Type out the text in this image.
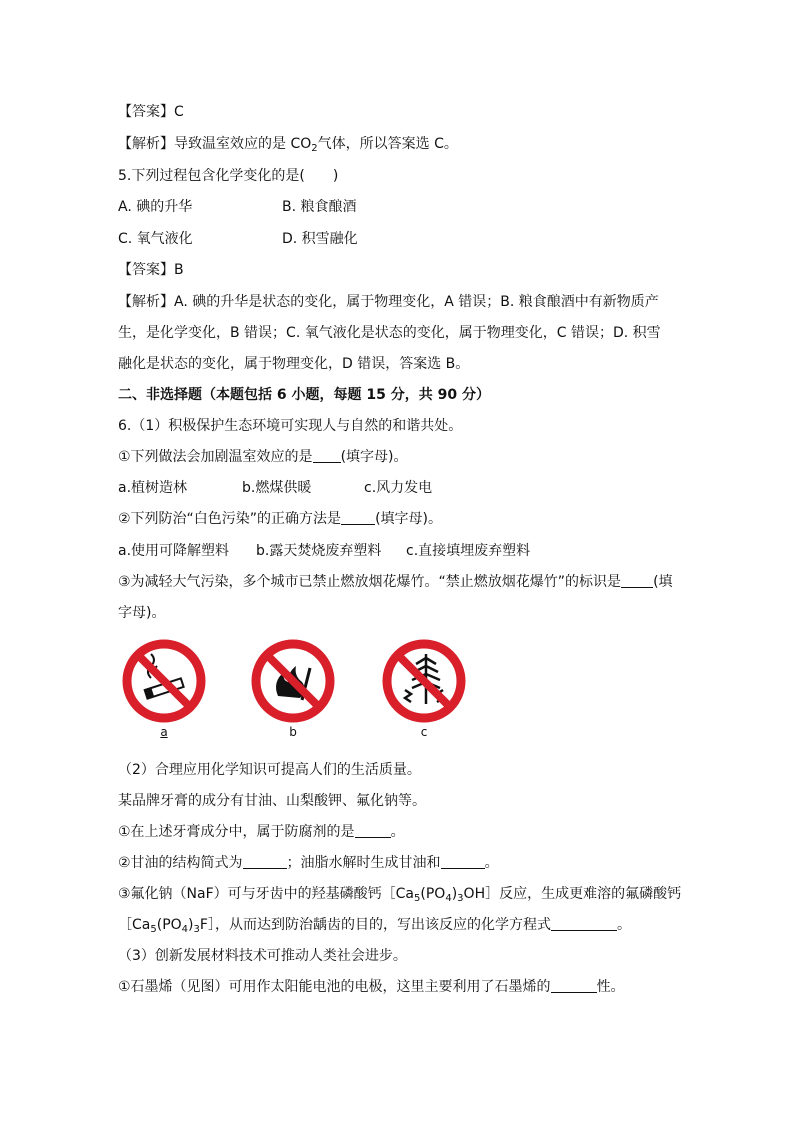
【答案】C
【解析】导致温室效应的是 $CO_2$气体，所以答案选 C。
5.下列过程包含化学变化的是(　　)
A. 碘的升华	B. 粮食酿酒
C. 氧气液化	D. 积雪融化
【答案】B
【解析】A. 碘的升华是状态的变化，属于物理变化，A 错误；B. 粮食酿酒中有新物质产
生，是化学变化，B 错误；C. 氧气液化是状态的变化，属于物理变化，C 错误；D. 积雪
融化是状态的变化，属于物理变化，D 错误，答案选 B。
二、非选择题（本题包括 6 小题，每题 15 分，共 90 分）
6.（1）积极保护生态环境可实现人与自然的和谐共处。
①下列做法会加剧温室效应的是 (填字母)。
a.植树造林	b.燃煤供暖	c.风力发电
②下列防治“白色污染”的正确方法是 (填字母)。
a.使用可降解塑料 b.露天焚烧废弃塑料 c.直接填埋废弃塑料
③为减轻大气污染，多个城市已禁止燃放烟花爆竹。“禁止燃放烟花爆竹”的标识是 (填
字母)。
a	b	c
（2）合理应用化学知识可提高人们的生活质量。
某品牌牙膏的成分有甘油、山梨酸钾、氟化钠等。
①在上述牙膏成分中，属于防腐剂的是	。
②甘油的结构简式为	；油脂水解时生成甘油和	。
③氟化钠（NaF）可与牙齿中的羟基磷酸钙$[Ca_5(PO_4)_3OH]$反应，生成更难溶的氟磷酸钙
$[Ca_5(PO_4)_3F]$，从而达到防治龋齿的目的，写出该反应的化学方程式	。
（3）创新发展材料技术可推动人类社会进步。
①石墨烯（见图）可用作太阳能电池的电极，这里主要利用了石墨烯的	性。
